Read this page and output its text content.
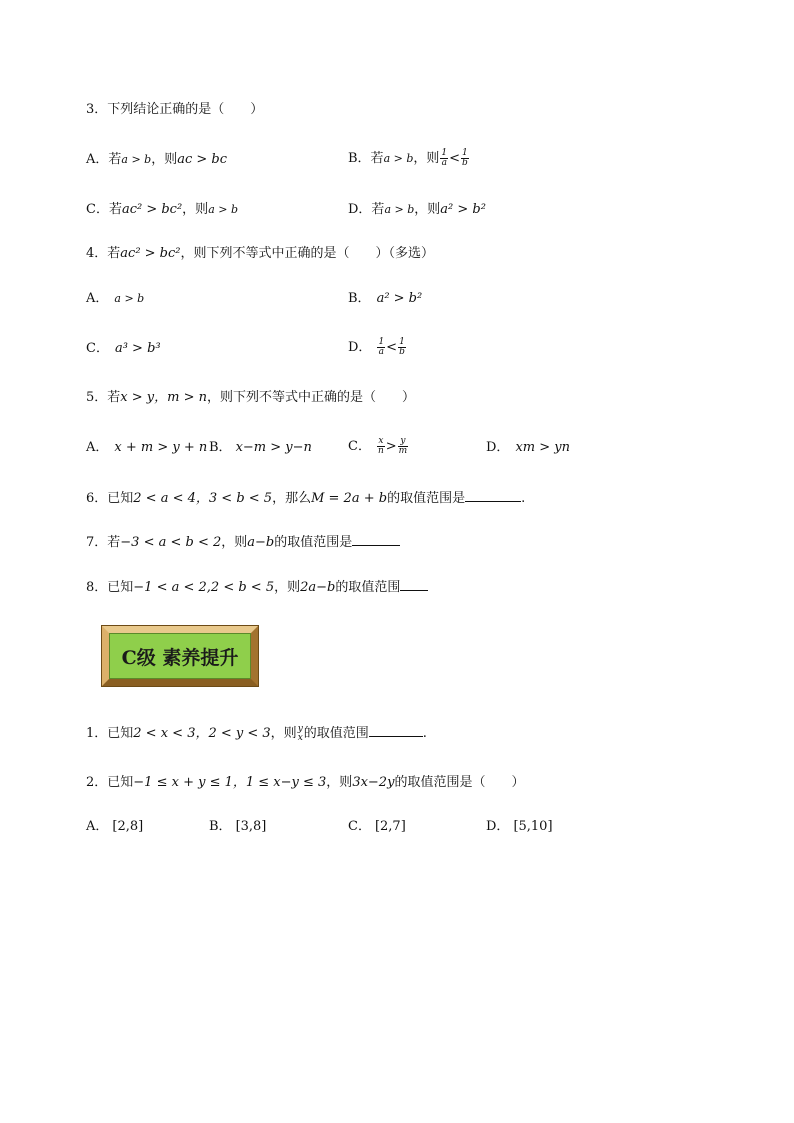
3．下列结论正确的是（　　）
A．若a > b，则ac > bc	B．若a > b，则 $\frac{1}{a} < \frac{1}{b}$
C．若ac² > bc²，则a > b	D．若a > b，则a² > b²
4．若ac² > bc²，则下列不等式中正确的是（　　）（多选）
A． a > b	B． a² > b²
C． a³ > b³	D． $\frac{1}{a} < \frac{1}{b}$
5．若x > y，m > n，则下列不等式中正确的是（　　）
A． x + m > y + n B． x−m > y−n	C． $\frac{x}{n} > \frac{y}{m}$	D． xm > yn
6．已知2 < a < 4，3 < b < 5，那么M = 2a + b的取值范围是	.
7．若−3 < a < b < 2，则a−b的取值范围是
8．已知−1 < a < 2,2 < b < 5，则2a−b的取值范围
C级 素养提升
1．已知2 < x < 3，2 < y < 3，则 y
x 的取值范围	.
2．已知−1 ≤ x + y ≤ 1，1 ≤ x−y ≤ 3，则3x−2y的取值范围是（　　）
A． [2,8]	B． [3,8]	C． [2,7]	D． [5,10]
